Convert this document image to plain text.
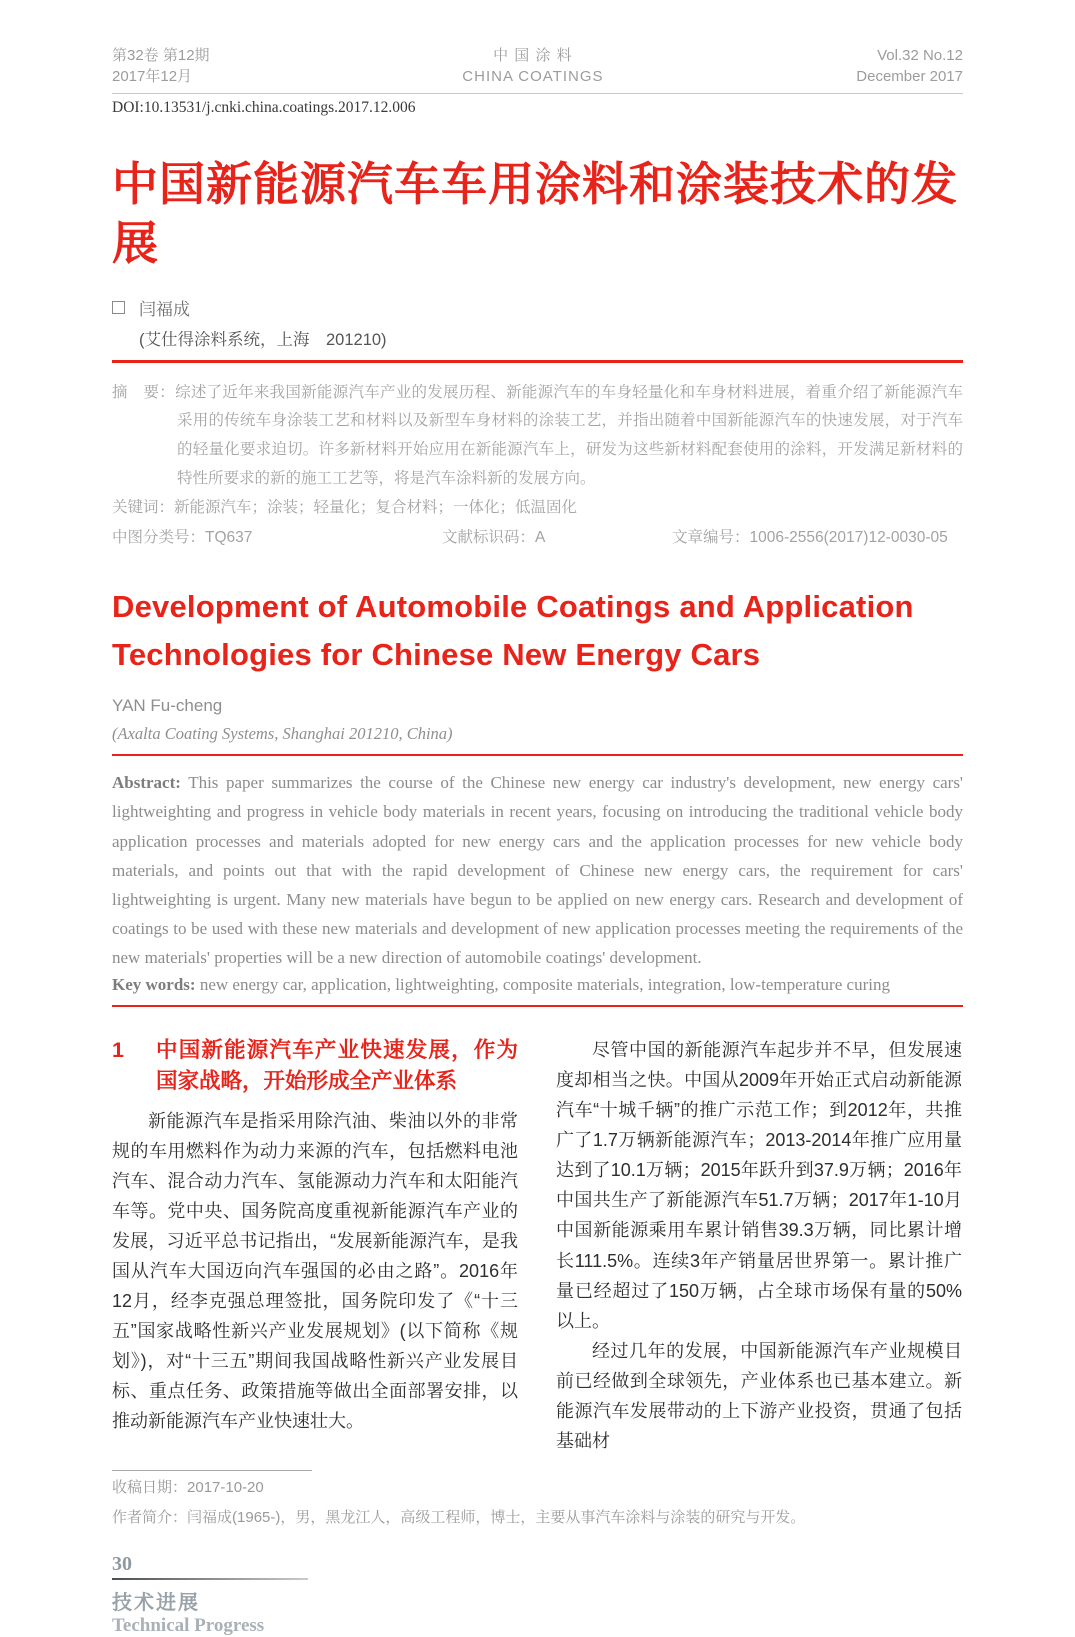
第32卷 第12期
2017年12月
中 国 涂 料
CHINA COATINGS
Vol.32 No.12
December 2017
DOI:10.13531/j.cnki.china.coatings.2017.12.006
中国新能源汽车车用涂料和涂装技术的发展
闫福成
(艾仕得涂料系统，上海　201210)
摘　要：综述了近年来我国新能源汽车产业的发展历程、新能源汽车的车身轻量化和车身材料进展，着重介绍了新能源汽车采用的传统车身涂装工艺和材料以及新型车身材料的涂装工艺，并指出随着中国新能源汽车的快速发展，对于汽车的轻量化要求迫切。许多新材料开始应用在新能源汽车上，研发为这些新材料配套使用的涂料，开发满足新材料的特性所要求的新的施工工艺等，将是汽车涂料新的发展方向。
关键词：新能源汽车；涂装；轻量化；复合材料；一体化；低温固化
中图分类号：TQ637	文献标识码：A	文章编号：1006-2556(2017)12-0030-05
Development of Automobile Coatings and Application
Technologies for Chinese New Energy Cars
YAN Fu-cheng
(Axalta Coating Systems, Shanghai 201210, China)
Abstract: This paper summarizes the course of the Chinese new energy car industry's development, new energy cars' lightweighting and progress in vehicle body materials in recent years, focusing on introducing the traditional vehicle body application processes and materials adopted for new energy cars and the application processes for new vehicle body materials, and points out that with the rapid development of Chinese new energy cars, the requirement for cars' lightweighting is urgent. Many new materials have begun to be applied on new energy cars. Research and development of coatings to be used with these new materials and development of new application processes meeting the requirements of the new materials' properties will be a new direction of automobile coatings' development.
Key words: new energy car, application, lightweighting, composite materials, integration, low-temperature curing
1	中国新能源汽车产业快速发展，作为国家战略，开始形成全产业体系

新能源汽车是指采用除汽油、柴油以外的非常规的车用燃料作为动力来源的汽车，包括燃料电池汽车、混合动力汽车、氢能源动力汽车和太阳能汽车等。党中央、国务院高度重视新能源汽车产业的发展，习近平总书记指出，“发展新能源汽车，是我国从汽车大国迈向汽车强国的必由之路”。2016年12月，经李克强总理签批，国务院印发了《“十三五”国家战略性新兴产业发展规划》(以下简称《规划》)，对“十三五”期间我国战略性新兴产业发展目标、重点任务、政策措施等做出全面部署安排，以推动新能源汽车产业快速壮大。

尽管中国的新能源汽车起步并不早，但发展速度却相当之快。中国从2009年开始正式启动新能源汽车“十城千辆”的推广示范工作；到2012年，共推广了1.7万辆新能源汽车；2013-2014年推广应用量达到了10.1万辆；2015年跃升到37.9万辆；2016年中国共生产了新能源汽车51.7万辆；2017年1-10月中国新能源乘用车累计销售39.3万辆，同比累计增长111.5%。连续3年产销量居世界第一。累计推广量已经超过了150万辆，占全球市场保有量的50%以上。

经过几年的发展，中国新能源汽车产业规模目前已经做到全球领先，产业体系也已基本建立。新能源汽车发展带动的上下游产业投资，贯通了包括基础材

收稿日期：2017-10-20

作者简介：闫福成(1965-)，男，黑龙江人，高级工程师，博士，主要从事汽车涂料与涂装的研究与开发。

30
技术进展
Technical Progress
